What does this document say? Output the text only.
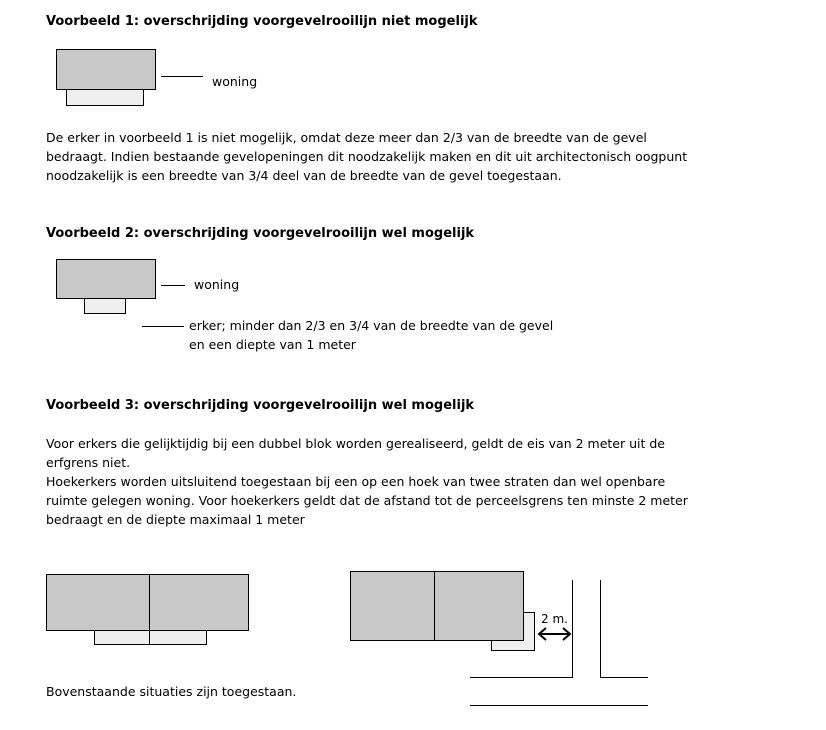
Voorbeeld 1: overschrijding voorgevelrooilijn niet mogelijk
woning
De erker in voorbeeld 1 is niet mogelijk, omdat deze meer dan 2/3 van de breedte van de gevel
bedraagt. Indien bestaande gevelopeningen dit noodzakelijk maken en dit uit architectonisch oogpunt
noodzakelijk is een breedte van 3/4 deel van de breedte van de gevel toegestaan.
Voorbeeld 2: overschrijding voorgevelrooilijn wel mogelijk
woning
erker; minder dan 2/3 en 3/4 van de breedte van de gevel
en een diepte van 1 meter
Voorbeeld 3: overschrijding voorgevelrooilijn wel mogelijk
Voor erkers die gelijktijdig bij een dubbel blok worden gerealiseerd, geldt de eis van 2 meter uit de
erfgrens niet.
Hoekerkers worden uitsluitend toegestaan bij een op een hoek van twee straten dan wel openbare
ruimte gelegen woning. Voor hoekerkers geldt dat de afstand tot de perceelsgrens ten minste 2 meter
bedraagt en de diepte maximaal 1 meter
2 m.
Bovenstaande situaties zijn toegestaan.
